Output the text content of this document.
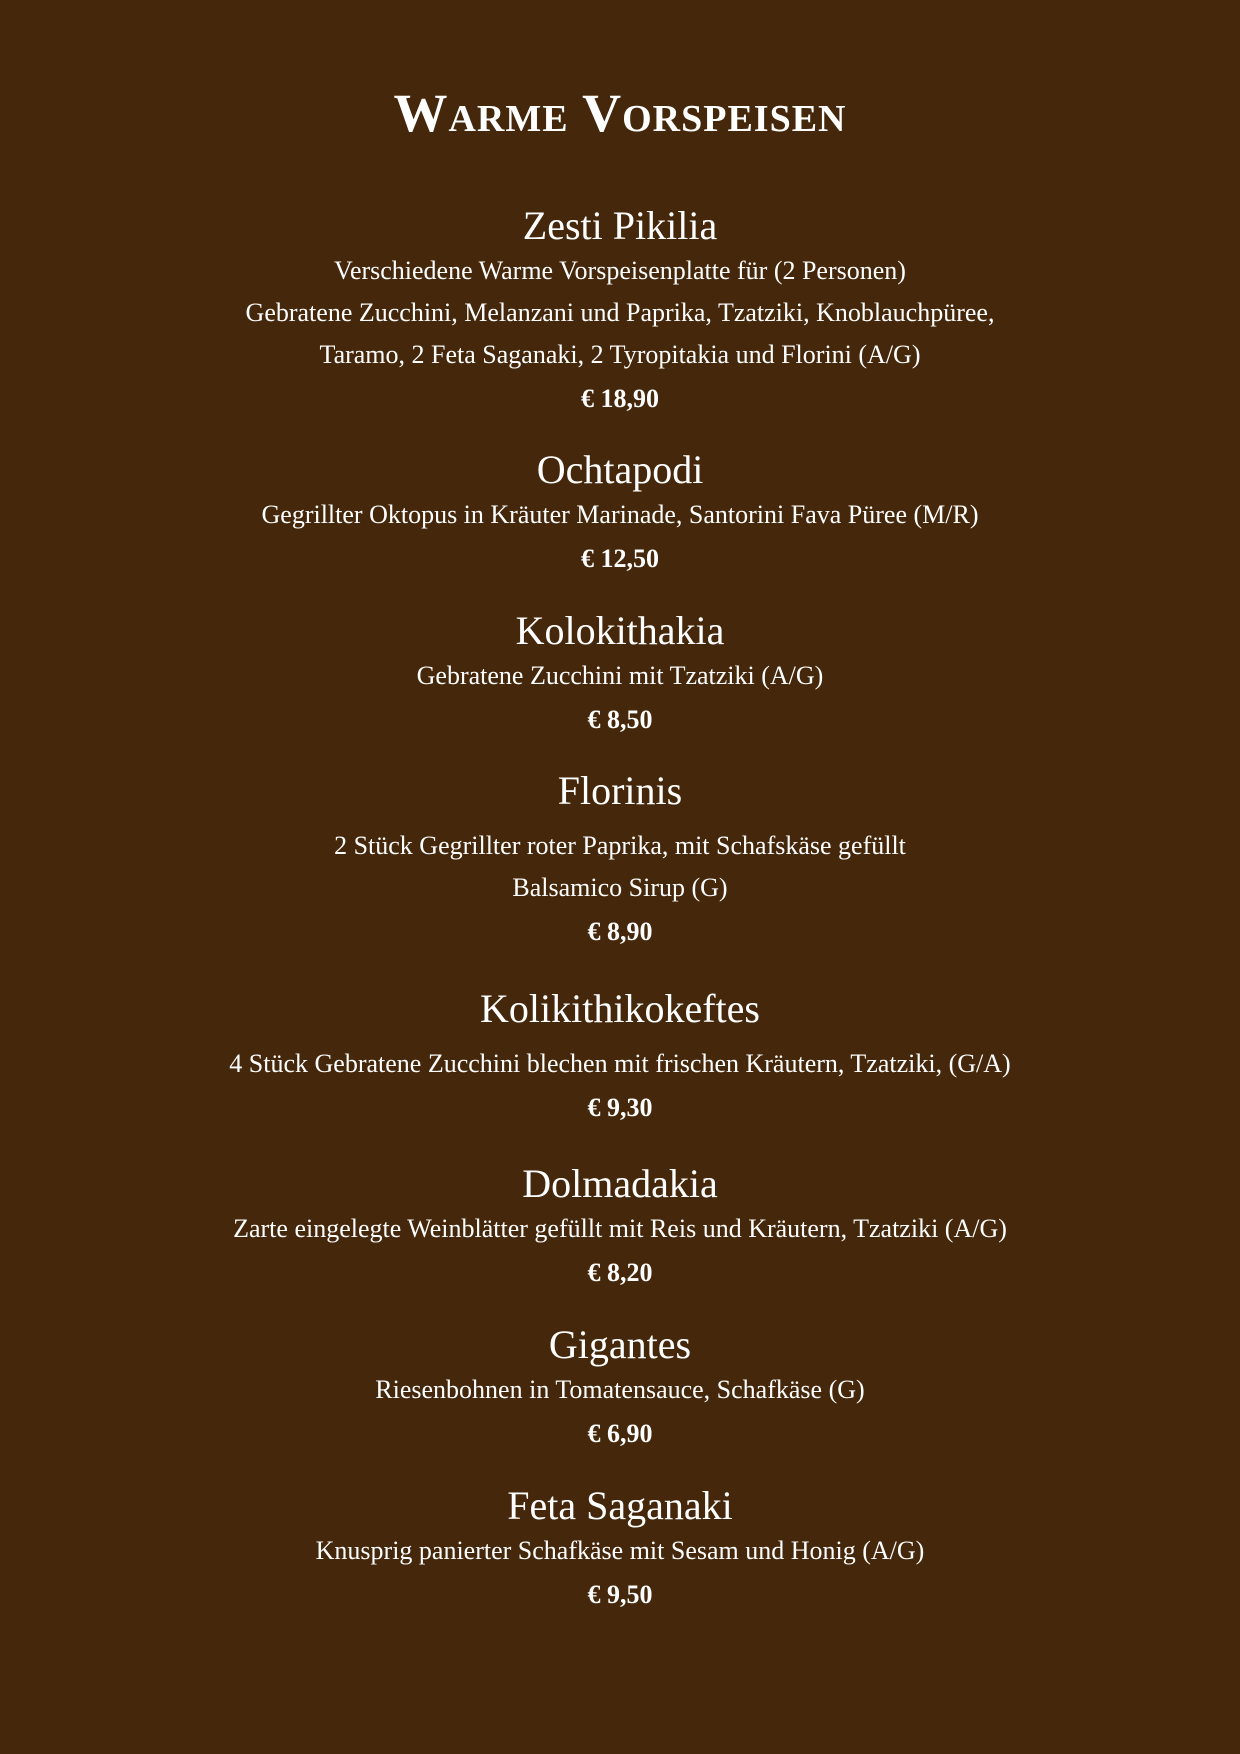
Warme Vorspeisen

Zesti Pikilia

Verschiedene Warme Vorspeisenplatte für (2 Personen)

Gebratene Zucchini, Melanzani und Paprika, Tzatziki, Knoblauchpüree,

Taramo, 2 Feta Saganaki, 2 Tyropitakia und Florini (A/G)

€ 18,90

Ochtapodi

Gegrillter Oktopus in Kräuter Marinade, Santorini Fava Püree (M/R)

€ 12,50

Kolokithakia

Gebratene Zucchini mit Tzatziki (A/G)

€ 8,50

Florinis

2 Stück Gegrillter roter Paprika, mit Schafskäse gefüllt

Balsamico Sirup (G)

€ 8,90

Kolikithikokeftes

4 Stück Gebratene Zucchini blechen mit frischen Kräutern, Tzatziki, (G/A)

€ 9,30

Dolmadakia

Zarte eingelegte Weinblätter gefüllt mit Reis und Kräutern, Tzatziki (A/G)

€ 8,20

Gigantes

Riesenbohnen in Tomatensauce, Schafkäse (G)

€ 6,90

Feta Saganaki

Knusprig panierter Schafkäse mit Sesam und Honig (A/G)

€ 9,50
